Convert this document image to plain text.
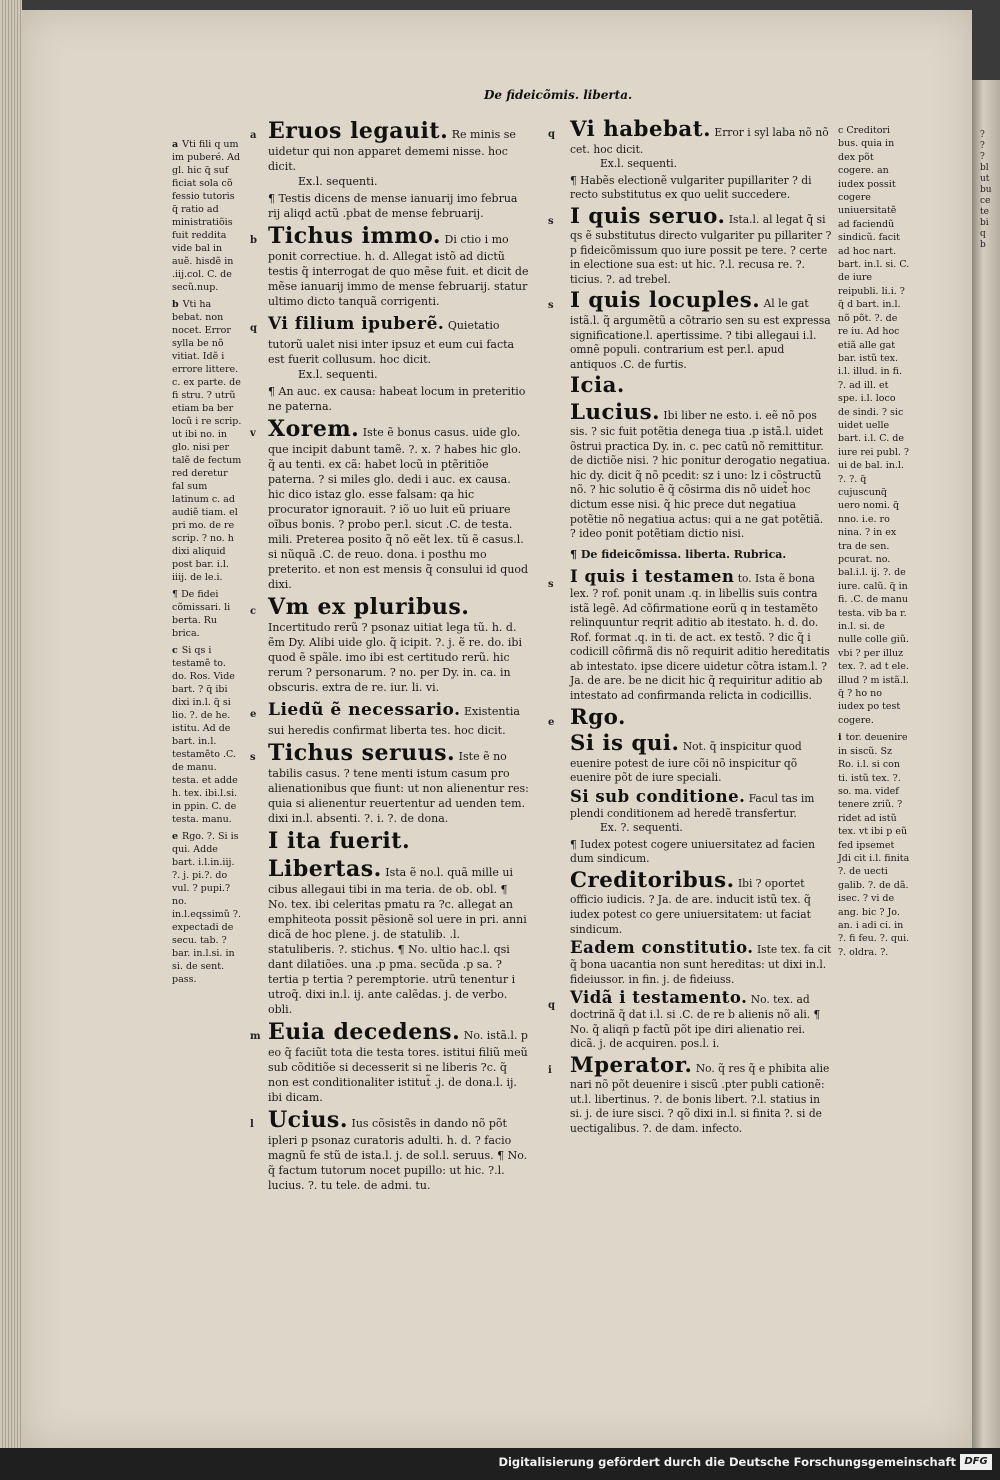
De fideicõmis. liberta.
a Vti fili q um im puberé. Ad gl. hic q̃ suf ficiat sola cõ fessio tutoris q̃ ratio ad ministratiõis fuit reddita vide bal in auẽ. hisdẽ in .iij.col. C. de secũ.nup.
b Vti ha bebat. non nocet. Error sylla be nõ vitiat. Idẽ i errore littere. c. ex parte. de fi stru. ? utrũ etiam ba ber locũ i re scrip. ut ibi no. in glo. nisi per talẽ de fectum red deretur fal sum latinum c. ad audiẽ tiam. el pri mo. de re scrip. ? no. h dixi aliquid post bar. i.l. iiij. de le.i.
¶ De fidei cõmissari. li berta. Ru brica.
c Si qs i testamẽ to. do. Ros. Vide bart. ? q̃ ibi dixi in.l. q̃ si lio. ?. de he. istitu. Ad de bart. in.l. testamẽto .C. de manu. testa. et adde h. tex. ibi.l.si. in ppin. C. de testa. manu.
e Rgo. ?. Si is qui. Adde bart. i.l.in.iij. ?. j. pi.?. do vul. ? pupi.? no. in.l.eqssimũ ?. expectadi de secu. tab. ? bar. in.l.si. in si. de sent. pass.
a Eruos legauit. Re minis se uidetur qui non apparet dememi nisse. hoc dicit.
Ex.l. sequenti.
¶ Testis dicens de mense ianuarij imo februa rij aliqd actũ .pbat de mense februarij.
b Tichus immo. Di ctio i mo ponit correctiue. h. d. Allegat istõ ad dictũ testis q̃ interrogat de quo mẽse fuit. et dicit de mẽse ianuarij immo de mense februarij. statur ultimo dicto tanquã corrigenti.
q Vi filium ipuberẽ. Quietatio tutorũ ualet nisi inter ipsuz et eum cui facta est fuerit collusum. hoc dicit.
Ex.l. sequenti.
¶ An auc. ex causa: habeat locum in preteritio ne paterna.
v Xorem. Iste ẽ bonus casus. uide glo. que incipit dabunt tamẽ. ?. x. ? habes hic glo. q̃ au tenti. ex cã: habet locũ in ptẽritiõe paterna. ? si miles glo. dedi i auc. ex causa. hic dico istaz glo. esse falsam: qa hic procurator ignorauit. ? iõ uo luit eũ priuare oĩbus bonis. ? probo per.l. sicut .C. de testa. mili. Preterea posito q̃ nõ eẽt lex. tũ ẽ casus.l. si nũquã .C. de reuo. dona. i posthu mo preterito. et non est mensis q̃ consului id quod dixi.
c Vm ex pluribus. Incertitudo rerũ ? psonaz uitiat lega tũ. h. d. ẽm Dy. Alibi uide glo. q̃ icipit. ?. j. ẽ re. do. ibi quod ẽ spãle. imo ibi est certitudo rerũ. hic rerum ? personarum. ? no. per Dy. in. ca. in obscuris. extra de re. iur. li. vi.
e Liedũ ẽ necessario. Existentia sui heredis confirmat liberta tes. hoc dicit.
s Tichus seruus. Iste ẽ no tabilis casus. ? tene menti istum casum pro alienationibus que fiunt: ut non alienentur res: quia si alienentur reuertentur ad uenden tem. dixi in.l. absenti. ?. i. ?. de dona.
I ita fuerit.
Libertas. Ista ẽ no.l. quã mille ui cibus allegaui tibi in ma teria. de ob. obl. ¶ No. tex. ibi celeritas pmatu ra ?c. allegat an emphiteota possit pẽsionẽ sol uere in pri. anni dicã de hoc plene. j. de statulib. .l. statuliberis. ?. stichus. ¶ No. ultio hac.l. qsi dant dilatiões. una .p pma. secũda .p sa. ? tertia p tertia ? peremptorie. utrũ tenentur i utroq̃. dixi in.l. ij. ante calẽdas. j. de verbo. obli.
m Euia decedens. No. istã.l. p eo q̃ faciũt tota die testa tores. istitui filiũ meũ sub cõditiõe si decesserit si ne liberis ?c. q̃ non est conditionaliter istitut̃ .j. de dona.l. ij. ibi dicam.
l Ucius. Ius cõsistẽs in dando nõ põt ipleri p psonaz curatoris adulti. h. d. ? facio magnũ fe stũ de ista.l. j. de sol.l. seruus. ¶ No. q̃ factum tutorum nocet pupillo: ut hic. ?.l. lucius. ?. tu tele. de admi. tu.
q Vi habebat. Error i syl laba nõ nõ cet. hoc dicit.
Ex.l. sequenti.
¶ Habẽs electionẽ vulgariter pupillariter ? di recto substitutus ex quo uelit succedere.
s I quis seruo. Ista.l. al legat q̃ si qs ẽ substitutus directo vulgariter pu pillariter ? p fideicõmissum quo iure possit pe tere. ? certe in electione sua est: ut hic. ?.l. recusa re. ?. ticius. ?. ad trebel.
s I quis locuples. Al le gat istã.l. q̃ argumẽtũ a cõtrario sen su est expressa significatione.l. apertissime. ? tibi allegaui i.l. omnẽ populi. contrarium est per.l. apud antiquos .C. de furtis.
Icia.
Lucius. Ibi liber ne esto. i. eẽ nõ pos sis. ? sic fuit potẽtia denega tiua .p istã.l. uidet õstrui practica Dy. in. c. pec catũ nõ remittitur. de dictiõe nisi. ? hic ponitur derogatio negatiua. hic dy. dicit q̃ nõ pcedit: sz i uno: lz i cõstructũ nõ. ? hic solutio ẽ q̃ cõsirma dis nõ uidet̃ hoc dictum esse nisi. q̃ hic prece dut negatiua potẽtie nõ negatiua actus: qui a ne gat potẽtiã. ? ideo ponit potẽtiam dictio nisi.
¶ De fideicõmissa. liberta. Rubrica.
s I quis i testamen to. Ista ẽ bona lex. ? rof. ponit unam .q. in libellis suis contra istã legẽ. Ad cõfirmatione eorũ q in testamẽto relinquuntur reqrit aditio ab itestato. h. d. do. Rof. format .q. in ti. de act. ex testõ. ? dic q̃ i codicill cõfirmã dis nõ requirit aditio hereditatis ab intestato. ipse dicere uidetur cõtra istam.l. ? Ja. de are. be ne dicit hic q̃ requiritur aditio ab intestato ad confirmanda relicta in codicillis.
e Rgo.
Si is qui. Not. q̃ inspicitur quod euenire potest de iure cõi nõ inspicitur qõ euenire põt de iure speciali.
Si sub conditione. Facul tas im plendi conditionem ad heredẽ transfertur.
Ex. ?. sequenti.
¶ Iudex potest cogere uniuersitatez ad facien dum sindicum.
Creditoribus. Ibi ? oportet officio iudicis. ? Ja. de are. inducit istũ tex. q̃ iudex potest co gere uniuersitatem: ut faciat sindicum.
Eadem constitutio. Iste tex. fa cit q̃ bona uacantia non sunt hereditas: ut dixi in.l. fideiussor. in fin. j. de fideiuss.
q Vidã i testamento. No. tex. ad doctrinã q̃ dat i.l. si .C. de re b alienis nõ ali. ¶ No. q̃ aliqñ p factũ põt ipe diri alienatio rei. dicã. j. de acquiren. pos.l. i.
i Mperator. No. q̃ res q̃ e phibita alie nari nõ põt deuenire i siscũ .pter publi cationẽ: ut.l. libertinus. ?. de bonis libert. ?.l. statius in si. j. de iure sisci. ? qõ dixi in.l. si finita ?. si de uectigalibus. ?. de dam. infecto.
c Creditori bus. quia in dex põt cogere. an iudex possit cogere uniuersitatẽ ad faciendũ sindicũ. facit ad hoc nart. bart. in.l. si. C. de iure reipubli. li.i. ? q̃ d bart. in.l. nõ põt. ?. de re iu. Ad hoc etiã alle gat bar. istũ tex. i.l. illud. in fi. ?. ad ill. et spe. i.l. loco de sindi. ? sic uidet uelle bart. i.l. C. de iure rei publ. ? ui de bal. in.l. ?. ?. q̃ cujuscunq̃ uero nomi. q̃ nno. i.e. ro nina. ? in ex tra de sen. pcurat. no. bal.i.l. ij. ?. de iure. calũ. q̃ in fi. .C. de manu testa. vib ba r. in.l. si. de nulle colle giũ. vbi ? per illuz tex. ?. ad t ele. illud ? m istã.l. q̃ ? ho no iudex po test cogere.
i tor. deuenire in siscũ. Sz Ro. i.l. si con ti. istũ tex. ?. so. ma. videf tenere zriũ. ? ridet ad istũ tex. vt ibi p eũ fed ipsemet Jdi cit i.l. finita ?. de uecti galib. ?. de dã. isec. ? vi de ang. bic ? Jo. an. i adi ci. in ?. fi feu. ?. qui. ?. oldra. ?.
Digitalisierung gefördert durch die Deutsche Forschungsgemeinschaft DFG
?
?
?
bl
ut
bu
ce
te
bi
q
b
